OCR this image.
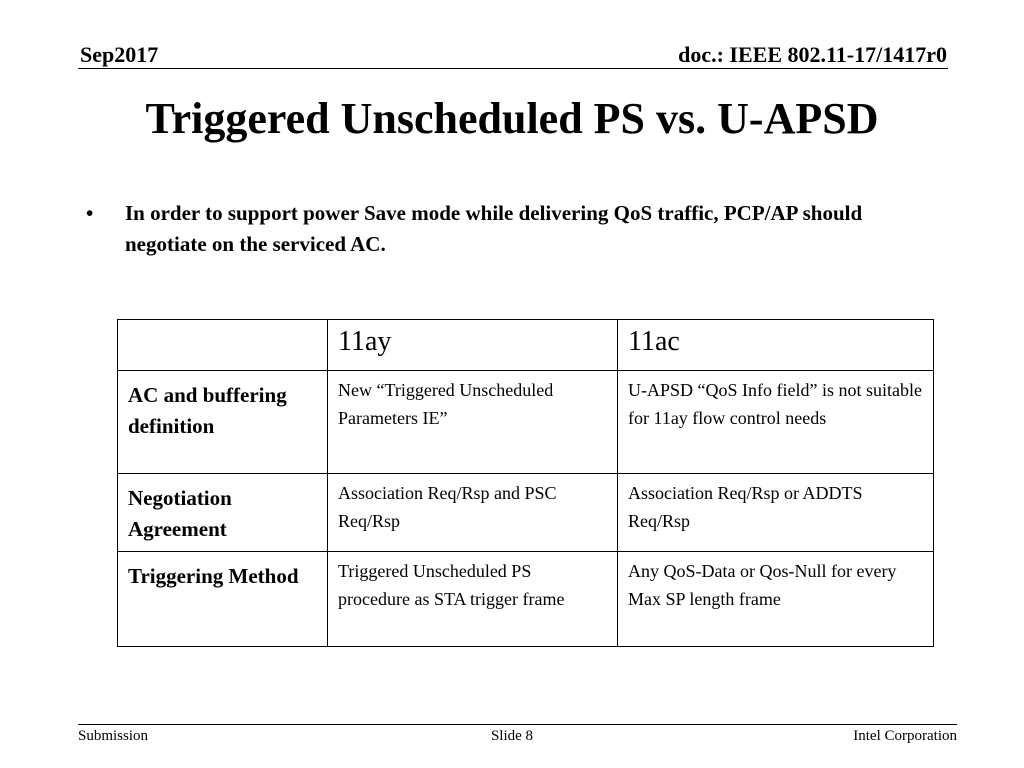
Sep2017	doc.: IEEE 802.11-17/1417r0
Triggered Unscheduled PS vs. U-APSD
• In order to support power Save mode while delivering QoS traffic, PCP/AP should negotiate on the serviced AC.
	11ay	11ac

AC and buffering definition	New “Triggered Unscheduled Parameters IE”	U-APSD “QoS Info field” is not suitable for 11ay flow control needs

Negotiation Agreement	Association Req/Rsp and PSC Req/Rsp	Association Req/Rsp or ADDTS Req/Rsp

Triggering Method	Triggered Unscheduled PS procedure as STA trigger frame	Any QoS-Data or Qos-Null for every Max SP length frame
Submission	Slide 8	Intel Corporation
